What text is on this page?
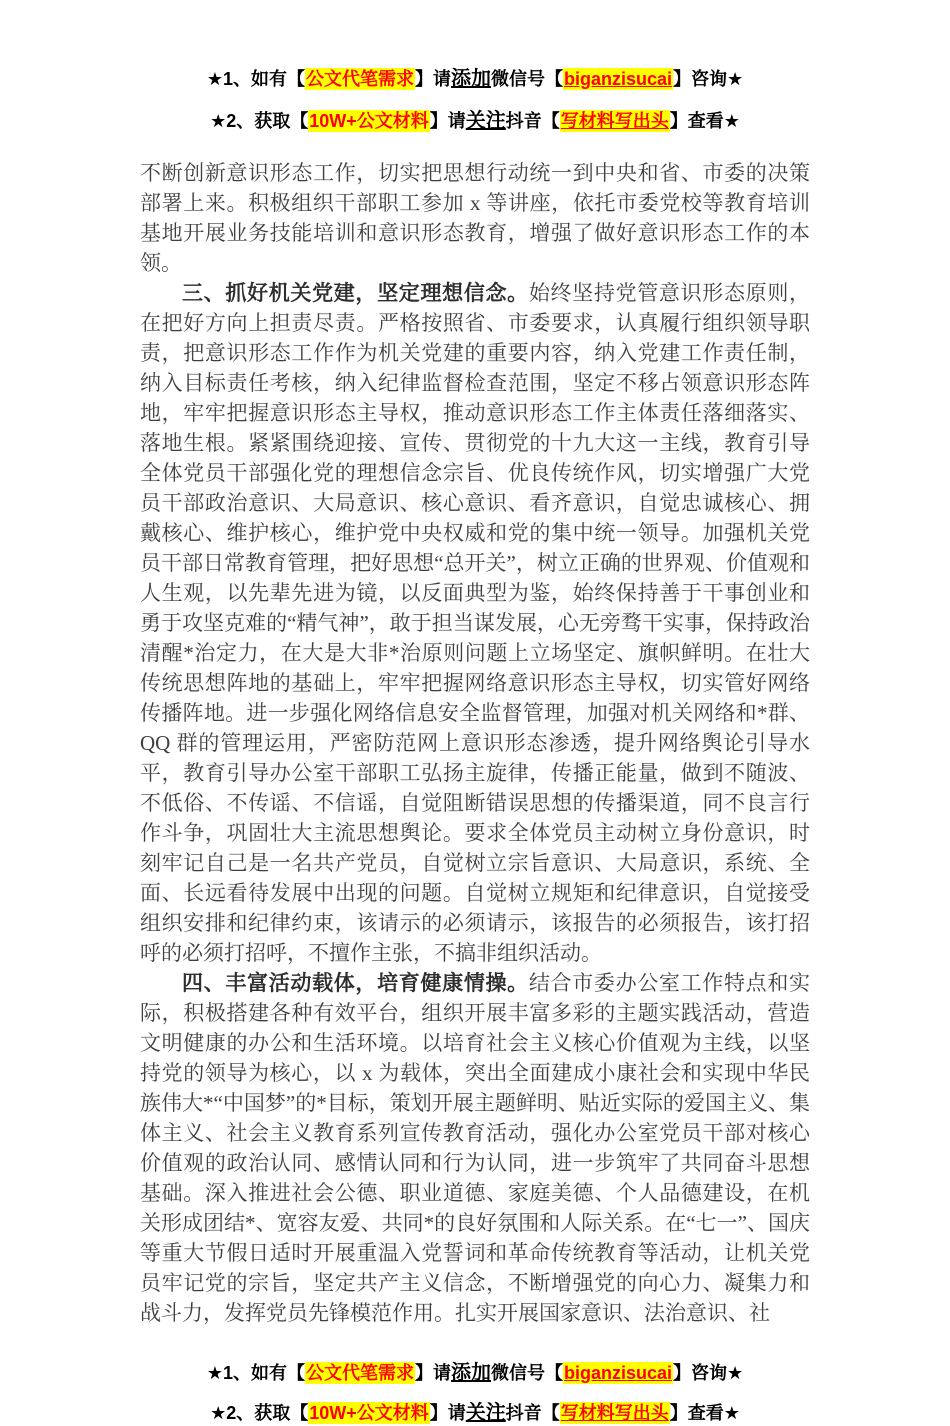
★1、如有【公文代笔需求】请添加微信号【biganzisucai】咨询★
★2、获取【10W+公文材料】请关注抖音【写材料写出头】查看★

不断创新意识形态工作，切实把思想行动统一到中央和省、市委的决策部署上来。积极组织干部职工参加 x 等讲座，依托市委党校等教育培训基地开展业务技能培训和意识形态教育，增强了做好意识形态工作的本领。

三、抓好机关党建，坚定理想信念。始终坚持党管意识形态原则，在把好方向上担责尽责。严格按照省、市委要求，认真履行组织领导职责，把意识形态工作作为机关党建的重要内容，纳入党建工作责任制，纳入目标责任考核，纳入纪律监督检查范围，坚定不移占领意识形态阵地，牢牢把握意识形态主导权，推动意识形态工作主体责任落细落实、落地生根。紧紧围绕迎接、宣传、贯彻党的十九大这一主线，教育引导全体党员干部强化党的理想信念宗旨、优良传统作风，切实增强广大党员干部政治意识、大局意识、核心意识、看齐意识，自觉忠诚核心、拥戴核心、维护核心，维护党中央权威和党的集中统一领导。加强机关党员干部日常教育管理，把好思想“总开关”，树立正确的世界观、价值观和人生观，以先辈先进为镜，以反面典型为鉴，始终保持善于干事创业和勇于攻坚克难的“精气神”，敢于担当谋发展，心无旁骛干实事，保持政治清醒*治定力，在大是大非*治原则问题上立场坚定、旗帜鲜明。在壮大传统思想阵地的基础上，牢牢把握网络意识形态主导权，切实管好网络传播阵地。进一步强化网络信息安全监督管理，加强对机关网络和*群、QQ 群的管理运用，严密防范网上意识形态渗透，提升网络舆论引导水平，教育引导办公室干部职工弘扬主旋律，传播正能量，做到不随波、不低俗、不传谣、不信谣，自觉阻断错误思想的传播渠道，同不良言行作斗争，巩固壮大主流思想舆论。要求全体党员主动树立身份意识，时刻牢记自己是一名共产党员，自觉树立宗旨意识、大局意识，系统、全面、长远看待发展中出现的问题。自觉树立规矩和纪律意识，自觉接受组织安排和纪律约束，该请示的必须请示，该报告的必须报告，该打招呼的必须打招呼，不擅作主张，不搞非组织活动。

四、丰富活动载体，培育健康情操。结合市委办公室工作特点和实际，积极搭建各种有效平台，组织开展丰富多彩的主题实践活动，营造文明健康的办公和生活环境。以培育社会主义核心价值观为主线，以坚持党的领导为核心，以 x 为载体，突出全面建成小康社会和实现中华民族伟大*“中国梦”的*目标，策划开展主题鲜明、贴近实际的爱国主义、集体主义、社会主义教育系列宣传教育活动，强化办公室党员干部对核心价值观的政治认同、感情认同和行为认同，进一步筑牢了共同奋斗思想基础。深入推进社会公德、职业道德、家庭美德、个人品德建设，在机关形成团结*、宽容友爱、共同*的良好氛围和人际关系。在“七一”、国庆等重大节假日适时开展重温入党誓词和革命传统教育等活动，让机关党员牢记党的宗旨，坚定共产主义信念，不断增强党的向心力、凝集力和战斗力，发挥党员先锋模范作用。扎实开展国家意识、法治意识、社

★1、如有【公文代笔需求】请添加微信号【biganzisucai】咨询★
★2、获取【10W+公文材料】请关注抖音【写材料写出头】查看★
